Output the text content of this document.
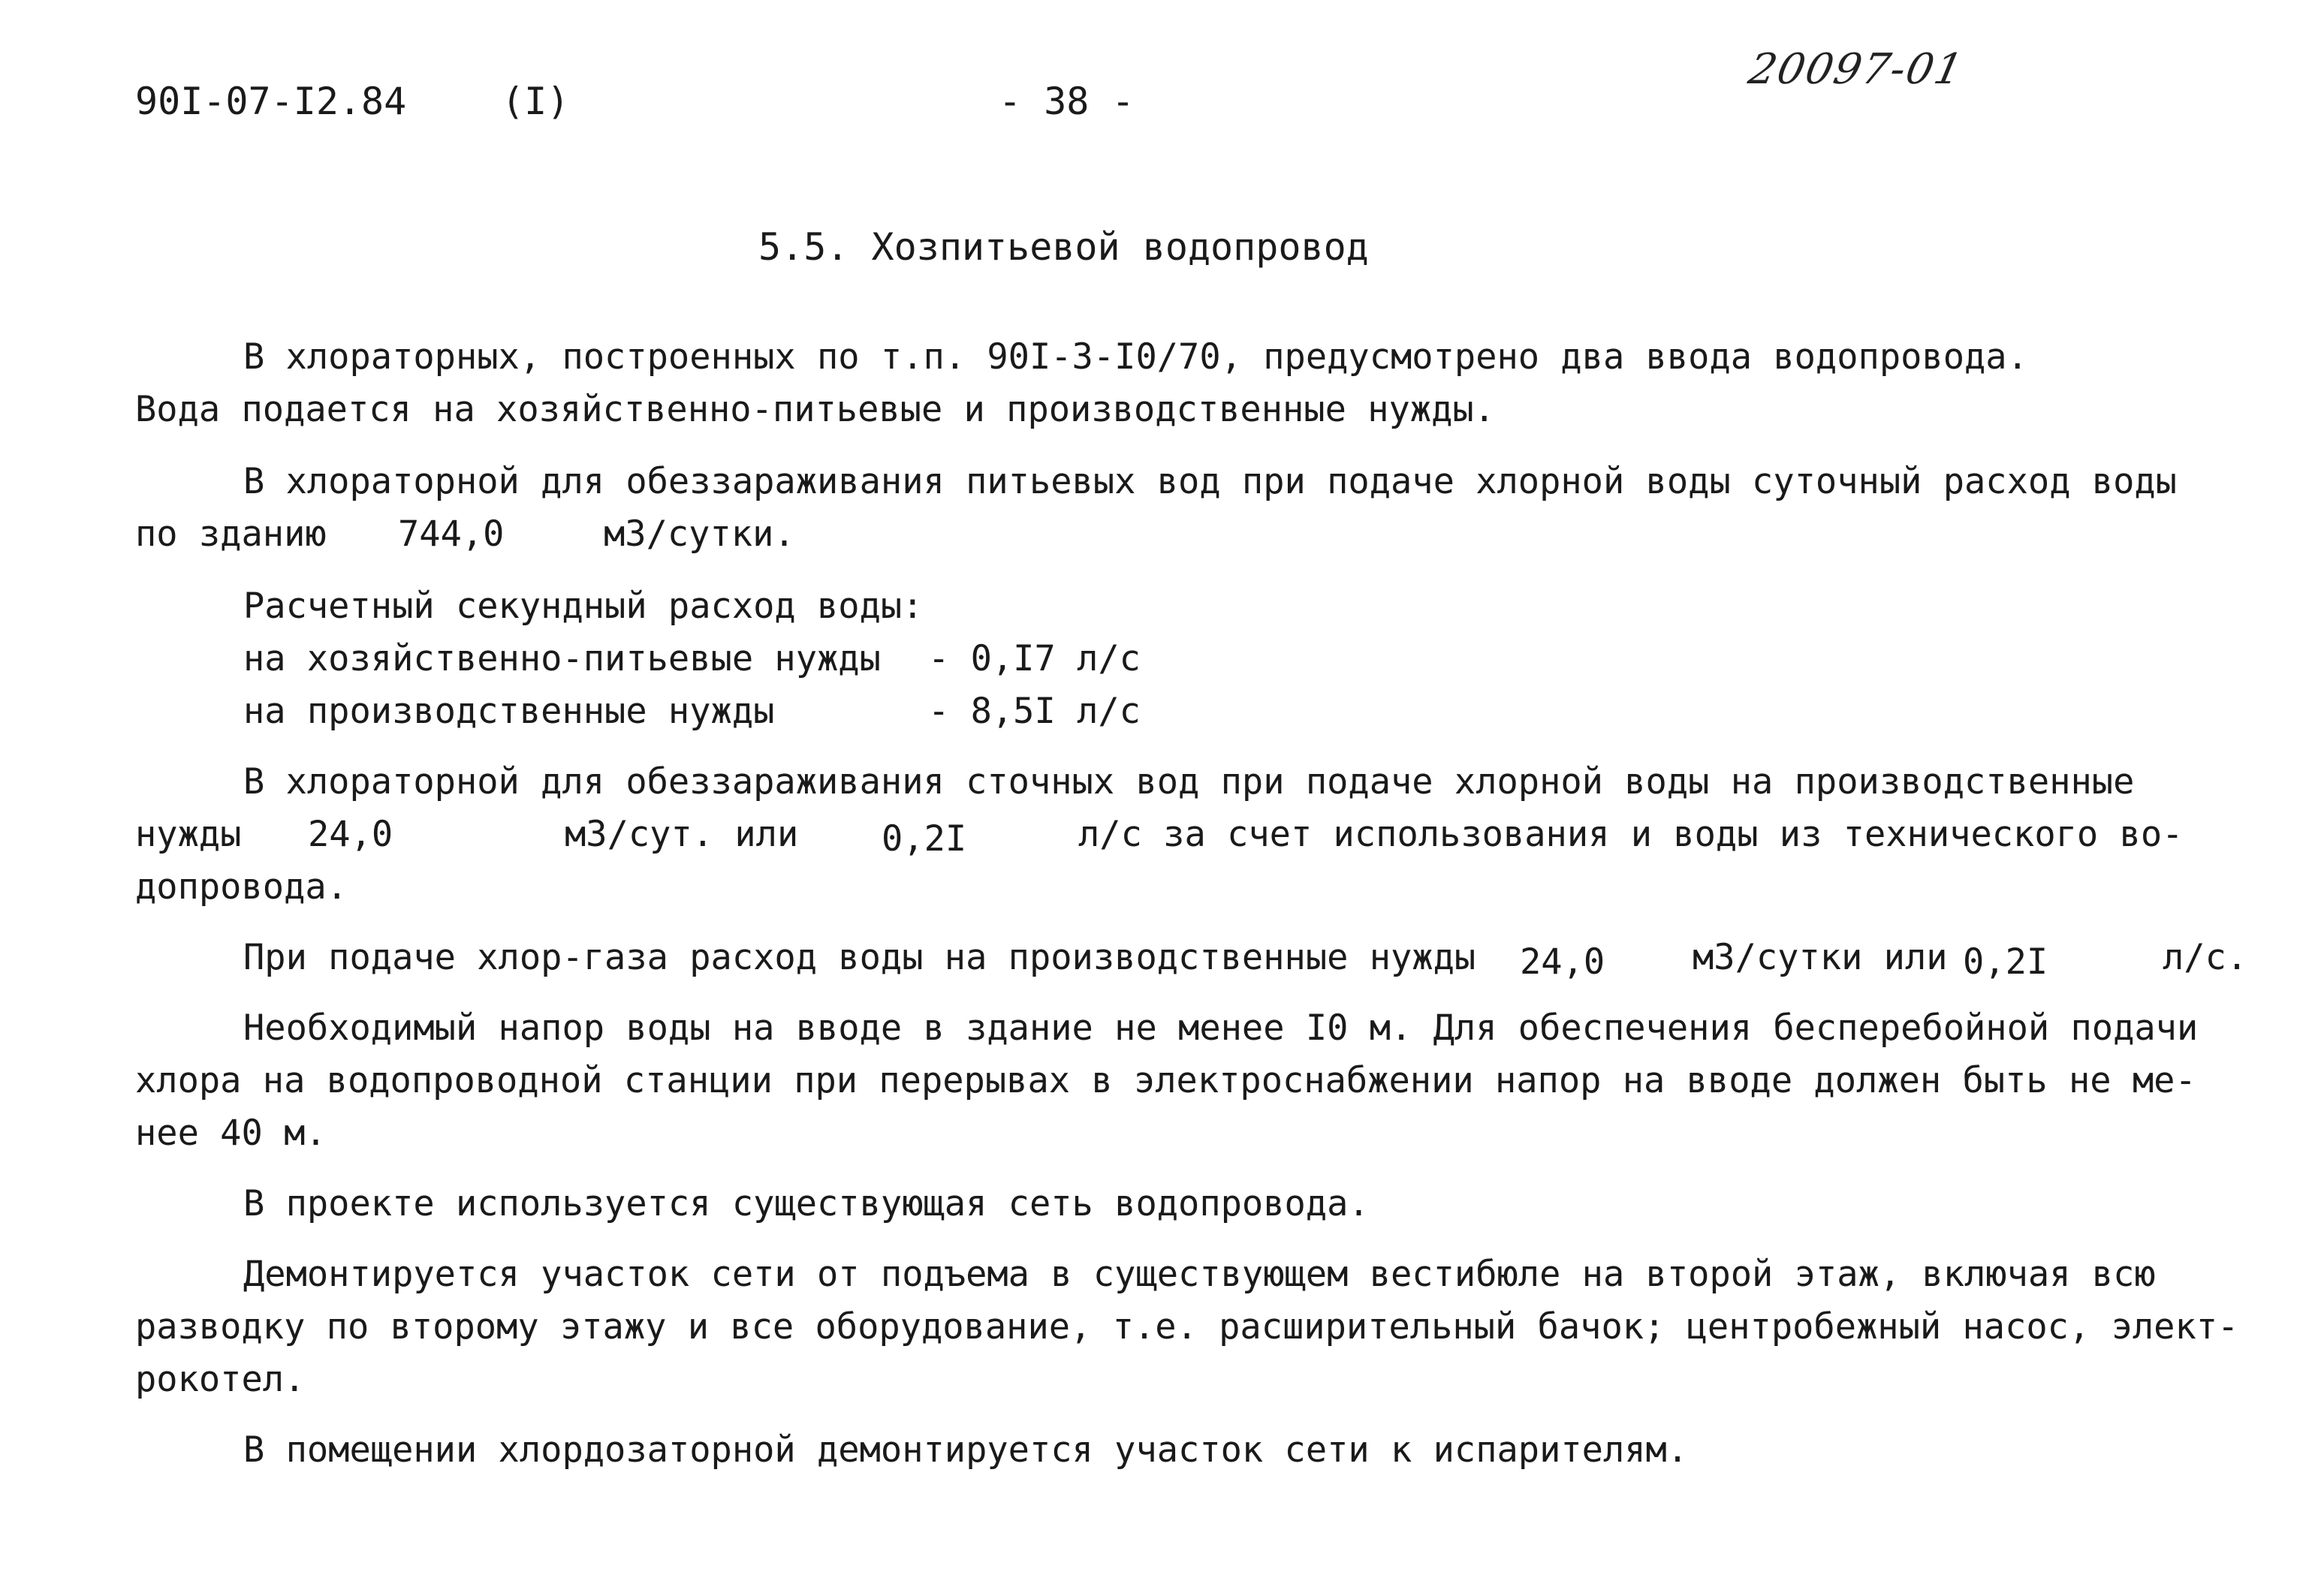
90I-07-I2.84	(I)	- 38 -
20097-01
5.5. Хозпитьевой водопровод
В хлораторных, построенных по т.п. 90I-3-I0/70, предусмотрено два ввода водопровода.
Вода подается на хозяйственно-питьевые и производственные нужды.
В хлораторной для обеззараживания питьевых вод при подаче хлорной воды суточный расход воды
по зданию 744,0	м3/сутки.
Расчетный секундный расход воды:
на хозяйственно-питьевые нужды - 0,I7 л/с
на производственные нужды	- 8,5I л/с
В хлораторной для обеззараживания сточных вод при подаче хлорной воды на производственные
нужды 24,0	м3/сут. или 0,2I	л/с за счет использования и воды из технического во-
допровода.
При подаче хлор-газа расход воды на производственные нужды 24,0 м3/сутки или 0,2I	л/с.
Необходимый напор воды на вводе в здание не менее I0 м. Для обеспечения бесперебойной подачи
хлора на водопроводной станции при перерывах в электроснабжении напор на вводе должен быть не ме-
нее 40 м.
В проекте используется существующая сеть водопровода.
Демонтируется участок сети от подъема в существующем вестибюле на второй этаж, включая всю
разводку по второму этажу и все оборудование, т.е. расширительный бачок; центробежный насос, элект-
рокотел.
В помещении хлордозаторной демонтируется участок сети к испарителям.
